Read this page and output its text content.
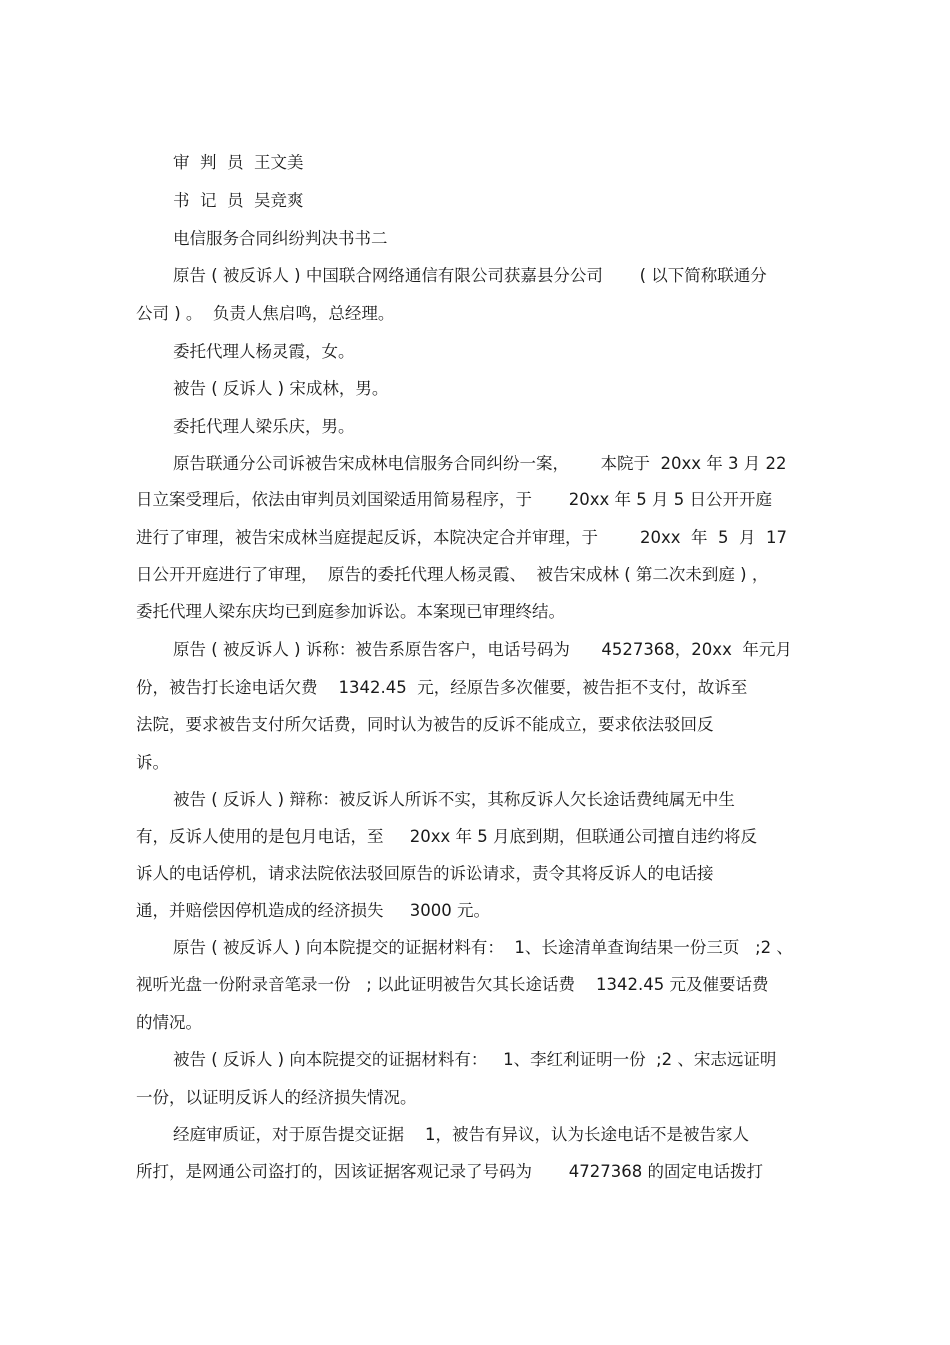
审  判  员  王文美
书  记  员  吴竞爽
电信服务合同纠纷判决书书二
原告 ( 被反诉人 ) 中国联合网络通信有限公司获嘉县分公司       ( 以下简称联通分
公司 ) 。  负责人焦启鸣，总经理。
委托代理人杨灵霞，女。
被告 ( 反诉人 ) 宋成林，男。
委托代理人梁乐庆，男。
原告联通分公司诉被告宋成林电信服务合同纠纷一案，      本院于  20xx 年 3 月 22
日立案受理后，依法由审判员刘国梁适用简易程序，于       20xx 年 5 月 5 日公开开庭
进行了审理，被告宋成林当庭提起反诉，本院决定合并审理，于        20xx  年  5  月  17
日公开开庭进行了审理，  原告的委托代理人杨灵霞、  被告宋成林 ( 第二次未到庭 ) ，
委托代理人梁东庆均已到庭参加诉讼。本案现已审理终结。
原告 ( 被反诉人 ) 诉称：被告系原告客户，电话号码为      4527368，20xx  年元月
份，被告打长途电话欠费    1342.45  元，经原告多次催要，被告拒不支付，故诉至
法院，要求被告支付所欠话费，同时认为被告的反诉不能成立，要求依法驳回反
诉。
被告 ( 反诉人 ) 辩称：被反诉人所诉不实，其称反诉人欠长途话费纯属无中生
有，反诉人使用的是包月电话，至     20xx 年 5 月底到期，但联通公司擅自违约将反
诉人的电话停机，请求法院依法驳回原告的诉讼请求，责令其将反诉人的电话接
通，并赔偿因停机造成的经济损失     3000 元。
原告 ( 被反诉人 ) 向本院提交的证据材料有：  1、长途清单查询结果一份三页   ;2 、
视听光盘一份附录音笔录一份   ; 以此证明被告欠其长途话费    1342.45 元及催要话费
的情况。
被告 ( 反诉人 ) 向本院提交的证据材料有：   1、李红利证明一份  ;2 、宋志远证明
一份，以证明反诉人的经济损失情况。
经庭审质证，对于原告提交证据    1，被告有异议，认为长途电话不是被告家人
所打，是网通公司盗打的，因该证据客观记录了号码为       4727368 的固定电话拨打
